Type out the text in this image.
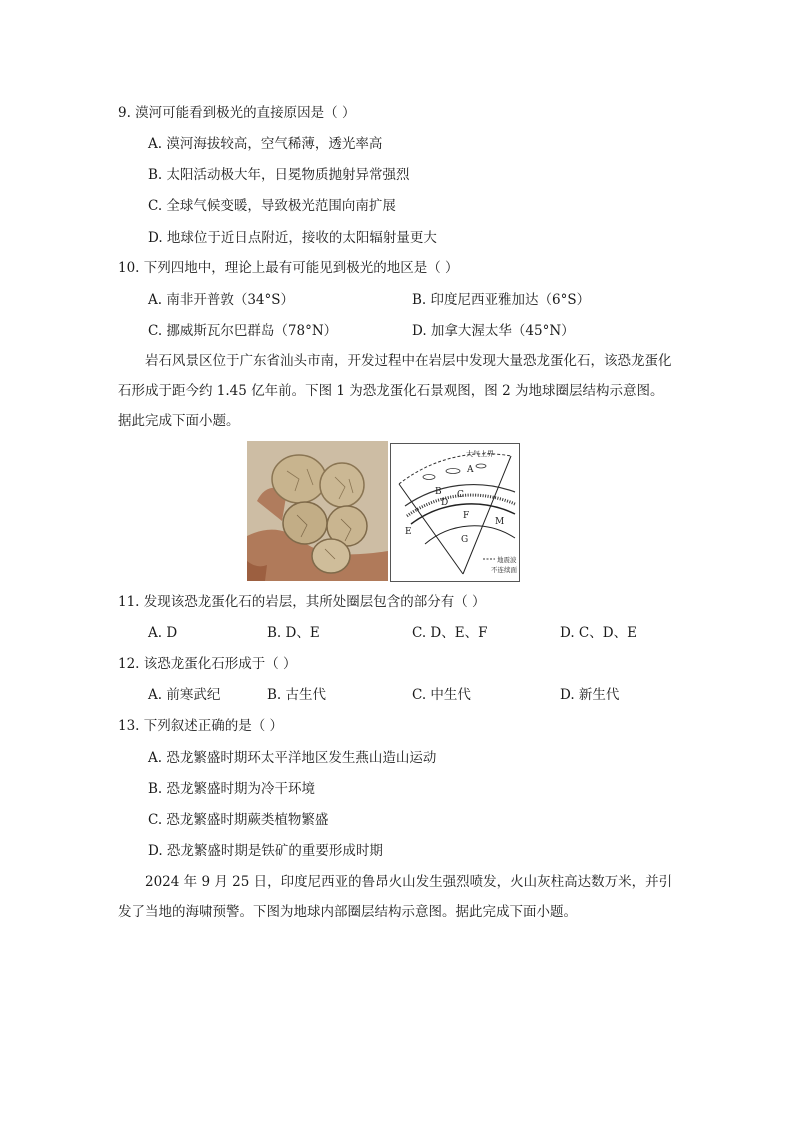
9. 漠河可能看到极光的直接原因是（ ）
A. 漠河海拔较高，空气稀薄，透光率高
B. 太阳活动极大年，日冕物质抛射异常强烈
C. 全球气候变暖，导致极光范围向南扩展
D. 地球位于近日点附近，接收的太阳辐射量更大
10. 下列四地中，理论上最有可能见到极光的地区是（ ）
A. 南非开普敦（34°S）	B. 印度尼西亚雅加达（6°S）
C. 挪威斯瓦尔巴群岛（78°N）	D. 加拿大渥太华（45°N）
岩石风景区位于广东省汕头市南，开发过程中在岩层中发现大量恐龙蛋化石，该恐龙蛋化石形成于距今约 1.45 亿年前。下图 1 为恐龙蛋化石景观图，图 2 为地球圈层结构示意图。据此完成下面小题。
大气上界
A
B C
D
E
F
G
M
地震波
不连续面
11. 发现该恐龙蛋化石的岩层，其所处圈层包含的部分有（ ）
A. D	B. D、E	C. D、E、F	D. C、D、E
12. 该恐龙蛋化石形成于（ ）
A. 前寒武纪	B. 古生代	C. 中生代	D. 新生代
13. 下列叙述正确的是（ ）
A. 恐龙繁盛时期环太平洋地区发生燕山造山运动
B. 恐龙繁盛时期为冷干环境
C. 恐龙繁盛时期蕨类植物繁盛
D. 恐龙繁盛时期是铁矿的重要形成时期
2024 年 9 月 25 日，印度尼西亚的鲁昂火山发生强烈喷发，火山灰柱高达数万米，并引发了当地的海啸预警。下图为地球内部圈层结构示意图。据此完成下面小题。
